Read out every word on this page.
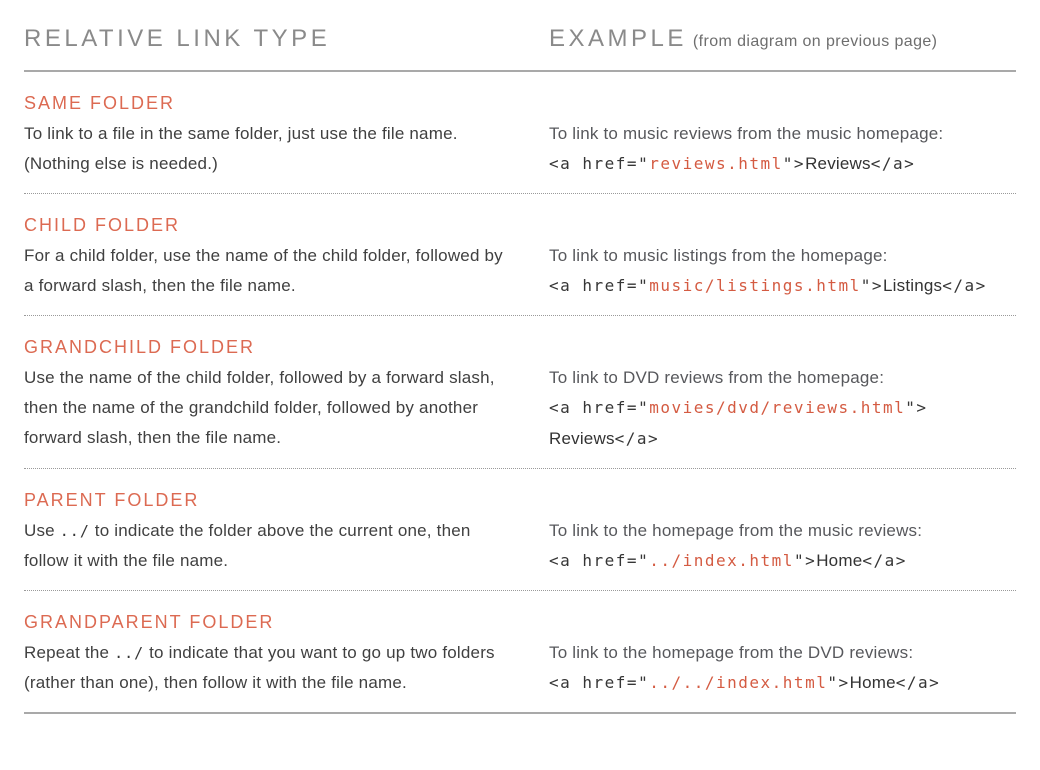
RELATIVE LINK TYPE	EXAMPLE (from diagram on previous page)
SAME FOLDER

To link to a file in the same folder, just use the file name. (Nothing else is needed.)

To link to music reviews from the music homepage:

<a href="reviews.html">Reviews</a>

CHILD FOLDER

For a child folder, use the name of the child folder, followed by a forward slash, then the file name.

To link to music listings from the homepage:

<a href="music/listings.html">Listings</a>

GRANDCHILD FOLDER

Use the name of the child folder, followed by a forward slash, then the name of the grandchild folder, followed by another forward slash, then the file name.

To link to DVD reviews from the homepage:

<a href="movies/dvd/reviews.html">
Reviews</a>

PARENT FOLDER

Use ../ to indicate the folder above the current one, then follow it with the file name.

To link to the homepage from the music reviews:

<a href="../index.html">Home</a>

GRANDPARENT FOLDER

Repeat the ../ to indicate that you want to go up two folders (rather than one), then follow it with the file name.

To link to the homepage from the DVD reviews:

<a href="../../index.html">Home</a>
